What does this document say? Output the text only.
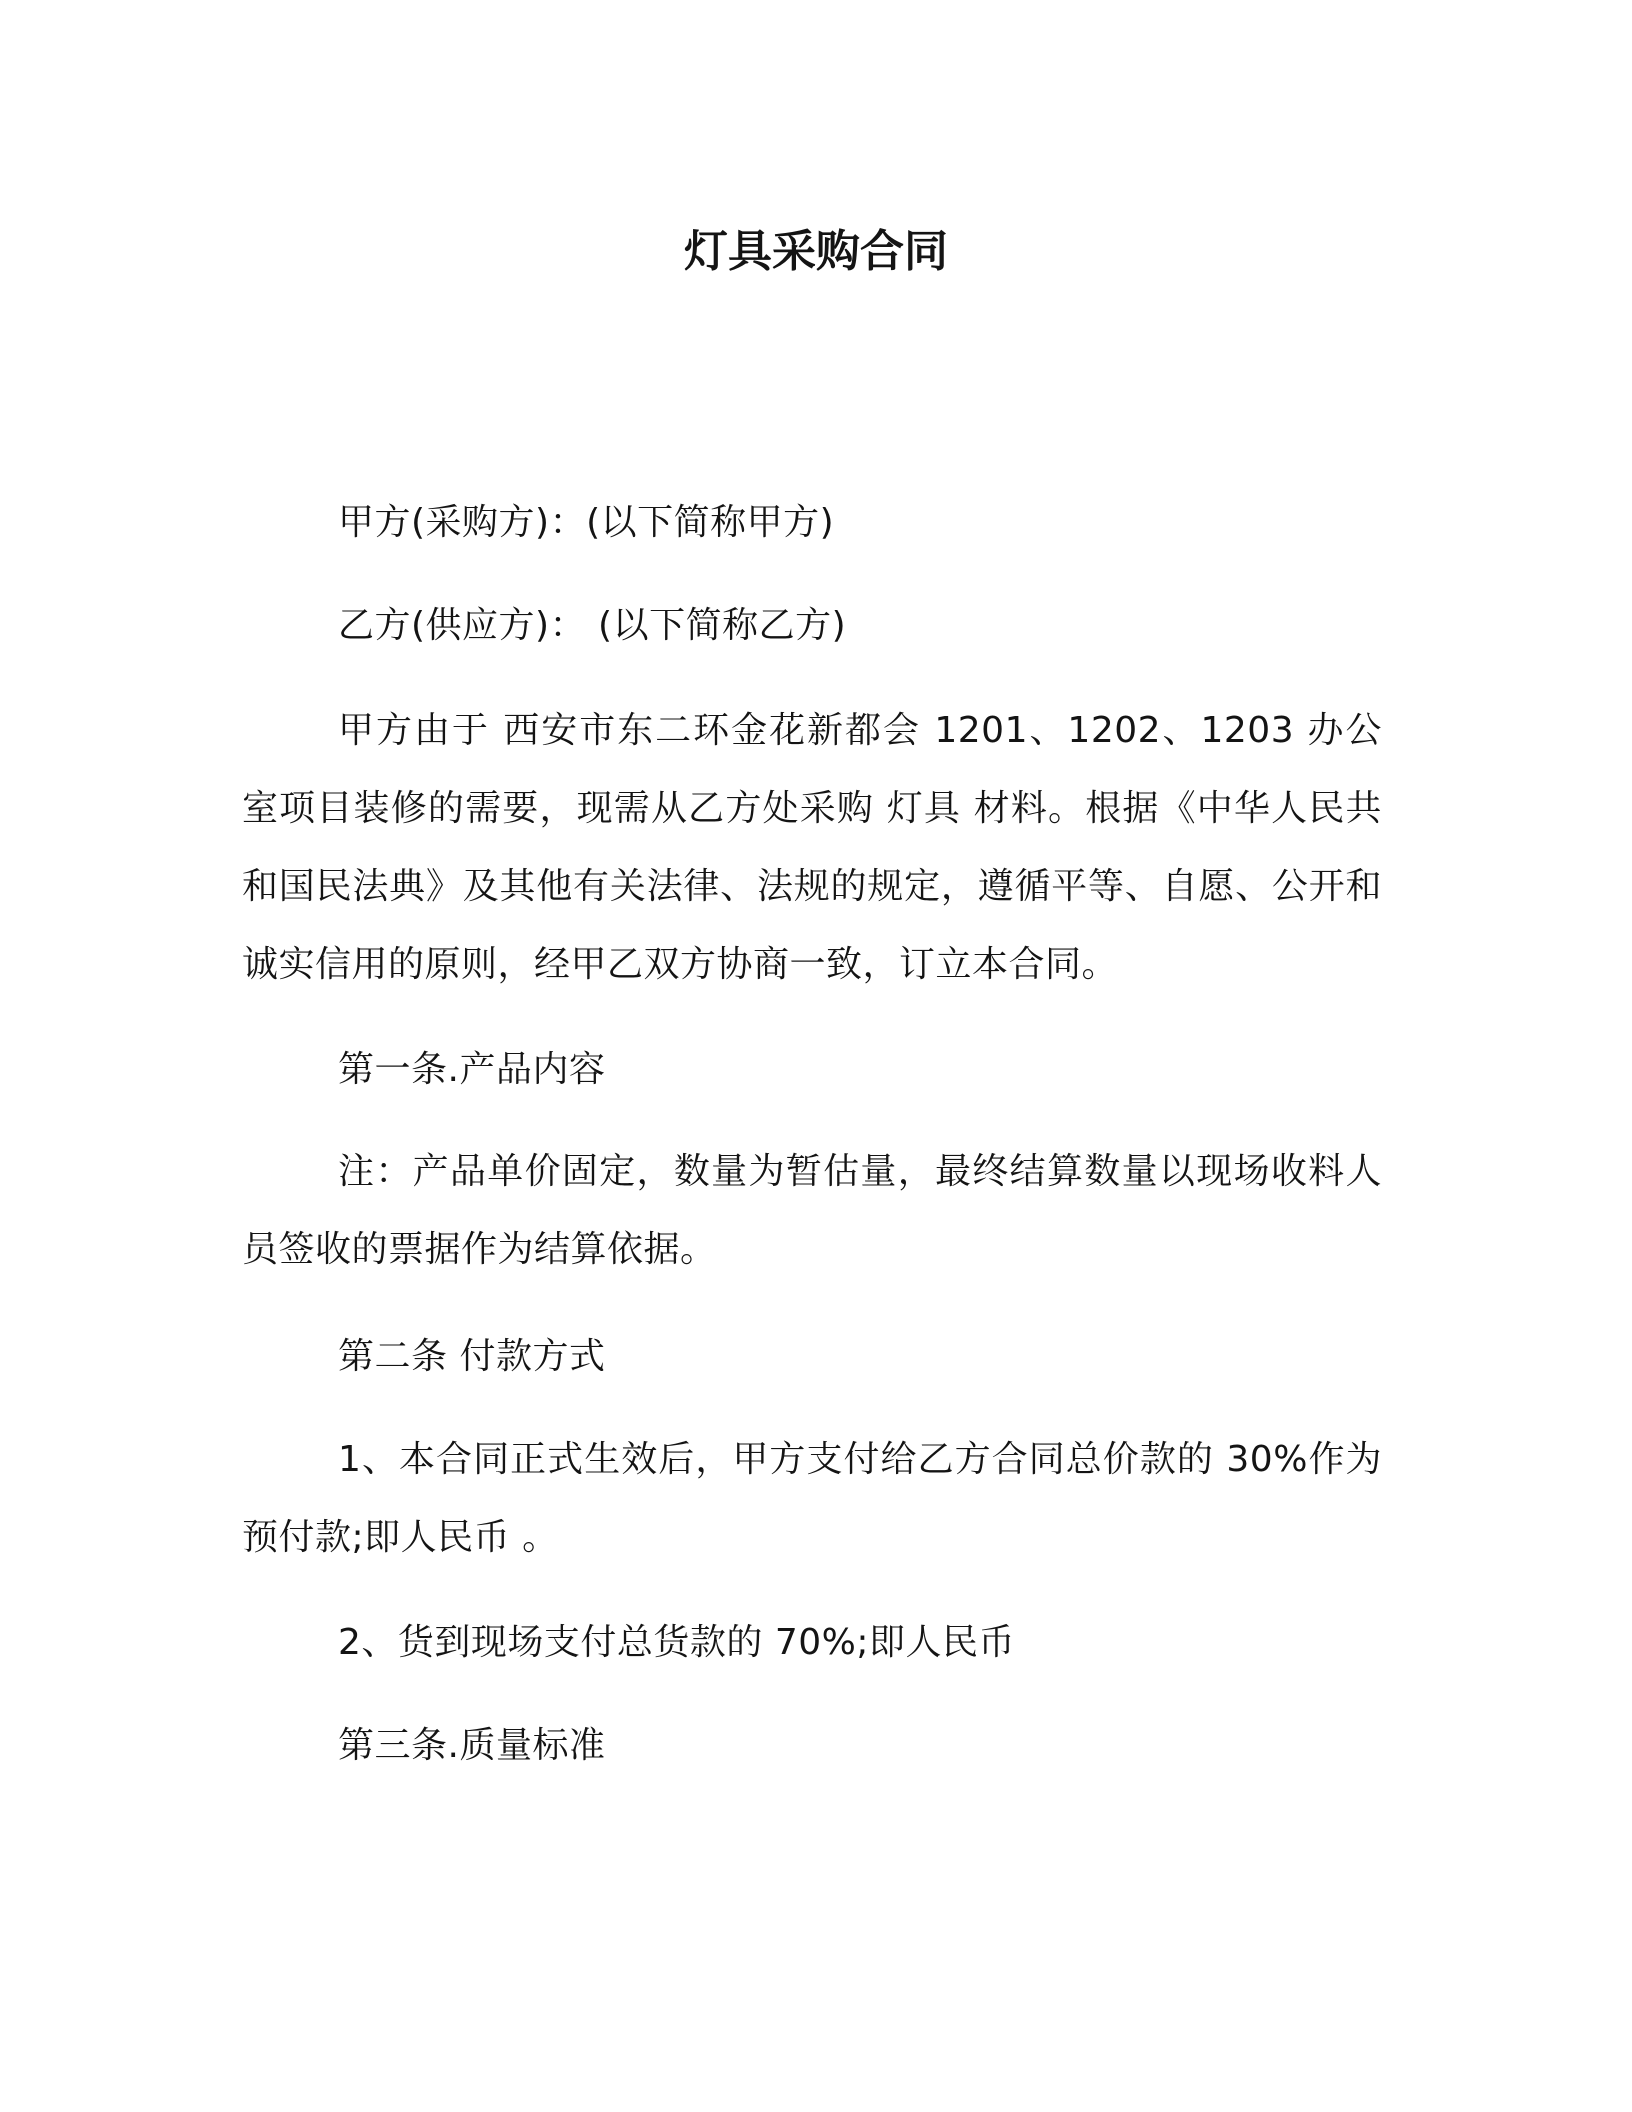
灯具采购合同

甲方(采购方)：(以下简称甲方)

乙方(供应方)： (以下简称乙方)

甲方由于 西安市东二环金花新都会 1201、1202、1203 办公室项目装修的需要，现需从乙方处采购 灯具 材料。根据《中华人民共和国民法典》及其他有关法律、法规的规定，遵循平等、自愿、公开和诚实信用的原则，经甲乙双方协商一致，订立本合同。

第一条.产品内容

注：产品单价固定，数量为暂估量，最终结算数量以现场收料人员签收的票据作为结算依据。

第二条 付款方式

1、本合同正式生效后，甲方支付给乙方合同总价款的 30%作为预付款;即人民币 。

2、货到现场支付总货款的 70%;即人民币

第三条.质量标准
